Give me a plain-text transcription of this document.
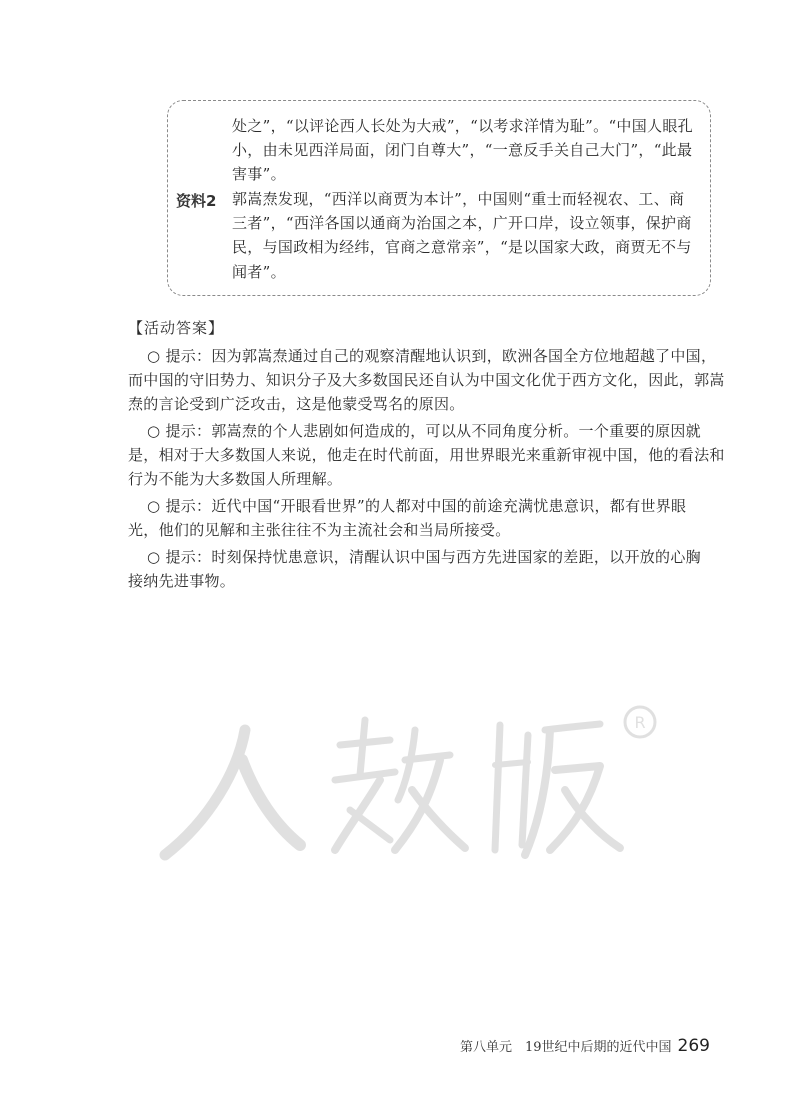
处之”，“以评论西人长处为大戒”，“以考求洋情为耻”。“中国人眼孔
小，由未见西洋局面，闭门自尊大”，“一意反手关自己大门”，“此最
害事”。
资料2 郭嵩焘发现，“西洋以商贾为本计”，中国则“重士而轻视农、工、商
三者”，“西洋各国以通商为治国之本，广开口岸，设立领事，保护商
民，与国政相为经纬，官商之意常亲”，“是以国家大政，商贾无不与
闻者”。
【活动答案】
○ 提示：因为郭嵩焘通过自己的观察清醒地认识到，欧洲各国全方位地超越了中国，
而中国的守旧势力、知识分子及大多数国民还自认为中国文化优于西方文化，因此，郭嵩
焘的言论受到广泛攻击，这是他蒙受骂名的原因。
○ 提示：郭嵩焘的个人悲剧如何造成的，可以从不同角度分析。一个重要的原因就
是，相对于大多数国人来说，他走在时代前面，用世界眼光来重新审视中国，他的看法和
行为不能为大多数国人所理解。
○ 提示：近代中国“开眼看世界”的人都对中国的前途充满忧患意识，都有世界眼
光，他们的见解和主张往往不为主流社会和当局所接受。
○ 提示：时刻保持忧患意识，清醒认识中国与西方先进国家的差距，以开放的心胸
接纳先进事物。
R
第八单元　19世纪中后期的近代中国 269
